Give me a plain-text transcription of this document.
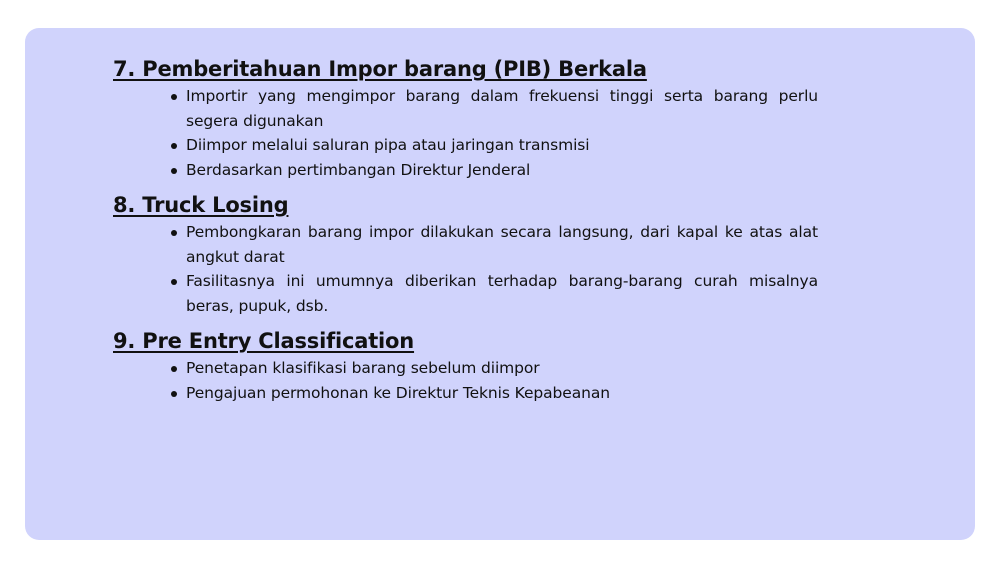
7. Pemberitahuan Impor barang (PIB) Berkala
Importir yang mengimpor barang dalam frekuensi tinggi serta barang perlu segera digunakan
Diimpor melalui saluran pipa atau jaringan transmisi
Berdasarkan pertimbangan Direktur Jenderal
8. Truck Losing
Pembongkaran barang impor dilakukan secara langsung, dari kapal ke atas alat angkut darat
Fasilitasnya ini umumnya diberikan terhadap barang-barang curah misalnya beras, pupuk, dsb.
9. Pre Entry Classification
Penetapan klasifikasi barang sebelum diimpor
Pengajuan permohonan ke Direktur Teknis Kepabeanan
